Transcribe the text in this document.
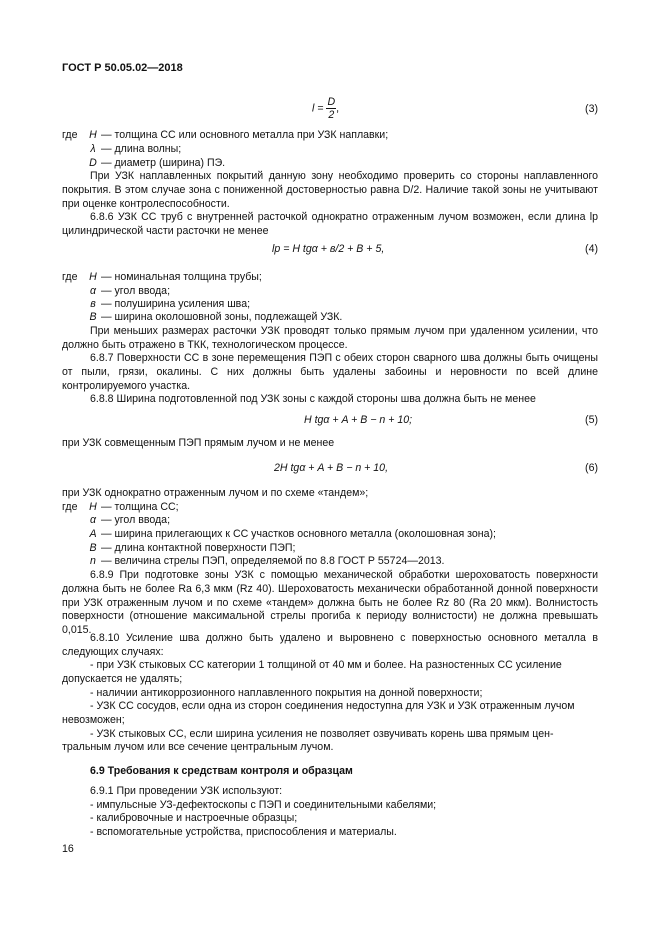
ГОСТ Р 50.05.02—2018
$l = \frac{D}{2}$ ,	(3)
где H — толщина СС или основного металла при УЗК наплавки;
λ — длина волны;
D — диаметр (ширина) ПЭ.
При УЗК наплавленных покрытий данную зону необходимо проверить со стороны наплавленного покрытия. В этом случае зона с пониженной достоверностью равна D/2. Наличие такой зоны не учитывают при оценке контролеспособности.
6.8.6 УЗК СС труб с внутренней расточкой однократно отраженным лучом возможен, если длина lр цилиндрической части расточки не менее
lр = H tgα + в/2 + B + 5,	(4)
где H — номинальная толщина трубы;
α — угол ввода;
в — полуширина усиления шва;
B — ширина околошовной зоны, подлежащей УЗК.
При меньших размерах расточки УЗК проводят только прямым лучом при удаленном усилении, что должно быть отражено в ТКК, технологическом процессе.
6.8.7 Поверхности СС в зоне перемещения ПЭП с обеих сторон сварного шва должны быть очищены от пыли, грязи, окалины. С них должны быть удалены забоины и неровности по всей длине контролируемого участка.
6.8.8 Ширина подготовленной под УЗК зоны с каждой стороны шва должна быть не менее
H tgα + A + B − n + 10;	(5)
при УЗК совмещенным ПЭП прямым лучом и не менее
2H tgα + A + B − n + 10,	(6)
при УЗК однократно отраженным лучом и по схеме «тандем»;
где H — толщина СС;
α — угол ввода;
A — ширина прилегающих к СС участков основного металла (околошовная зона);
B — длина контактной поверхности ПЭП;
n — величина стрелы ПЭП, определяемой по 8.8 ГОСТ Р 55724—2013.
6.8.9 При подготовке зоны УЗК с помощью механической обработки шероховатость поверхности должна быть не более Ra 6,3 мкм (Rz 40). Шероховатость механически обработанной донной поверхности при УЗК отраженным лучом и по схеме «тандем» должна быть не более Rz 80 (Ra 20 мкм). Волнистость поверхности (отношение максимальной стрелы прогиба к периоду волнистости) не должна превышать 0,015.
6.8.10 Усиление шва должно быть удалено и выровнено с поверхностью основного металла в следующих случаях:
- при УЗК стыковых СС категории 1 толщиной от 40 мм и более. На разностенных СС усиление
допускается не удалять;
- наличии антикоррозионного наплавленного покрытия на донной поверхности;
- УЗК СС сосудов, если одна из сторон соединения недоступна для УЗК и УЗК отраженным лучом
невозможен;
- УЗК стыковых СС, если ширина усиления не позволяет озвучивать корень шва прямым цен-
тральным лучом или все сечение центральным лучом.
6.9 Требования к средствам контроля и образцам
6.9.1 При проведении УЗК используют:
- импульсные УЗ-дефектоскопы с ПЭП и соединительными кабелями;
- калибровочные и настроечные образцы;
- вспомогательные устройства, приспособления и материалы.
16
